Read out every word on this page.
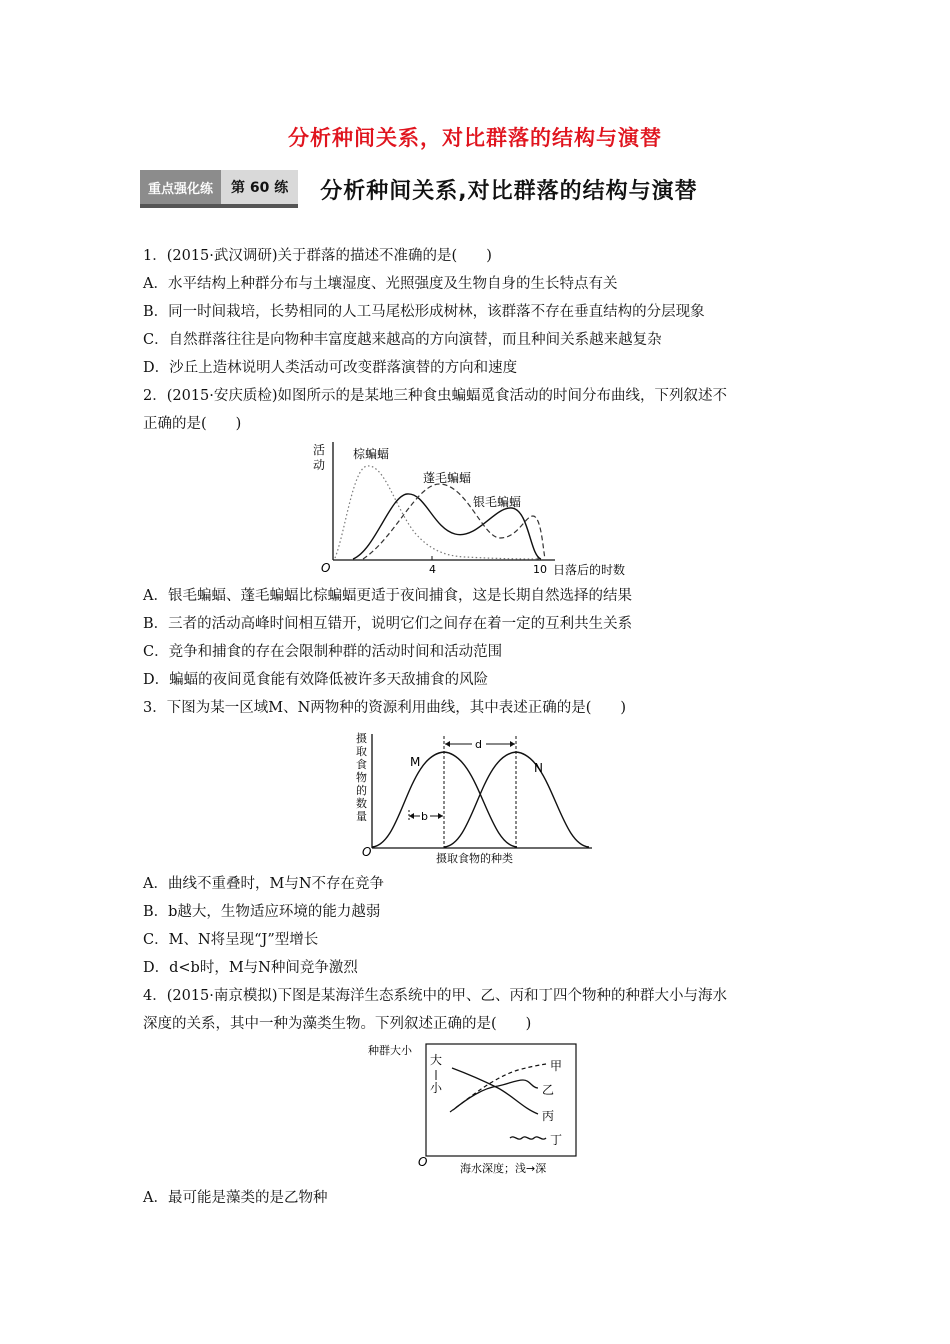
分析种间关系，对比群落的结构与演替
重点强化练	第 60 练	分析种间关系,对比群落的结构与演替
1．(2015·武汉调研)关于群落的描述不准确的是(　　)
A．水平结构上种群分布与土壤湿度、光照强度及生物自身的生长特点有关
B．同一时间栽培，长势相同的人工马尾松形成树林，该群落不存在垂直结构的分层现象
C．自然群落往往是向物种丰富度越来越高的方向演替，而且种间关系越来越复杂
D．沙丘上造林说明人类活动可改变群落演替的方向和速度
2．(2015·安庆质检)如图所示的是某地三种食虫蝙蝠觅食活动的时间分布曲线，下列叙述不
正确的是(　　)
活
动
O	4	10 日落后的时数
棕蝙蝠
蓬毛蝙蝠
银毛蝙蝠
A．银毛蝙蝠、蓬毛蝙蝠比棕蝙蝠更适于夜间捕食，这是长期自然选择的结果
B．三者的活动高峰时间相互错开，说明它们之间存在着一定的互利共生关系
C．竞争和捕食的存在会限制种群的活动时间和活动范围
D．蝙蝠的夜间觅食能有效降低被许多天敌捕食的风险
3．下图为某一区域M、N两物种的资源利用曲线，其中表述正确的是(　　)
摄
取
食
物
的
数
量
O	摄取食物的种类
d
b
M	N
A．曲线不重叠时，M与N不存在竞争
B．b越大，生物适应环境的能力越弱
C．M、N将呈现“J”型增长
D．d<b时，M与N种间竞争激烈
4．(2015·南京模拟)下图是某海洋生态系统中的甲、乙、丙和丁四个物种的种群大小与海水
深度的关系，其中一种为藻类生物。下列叙述正确的是(　　)
种群大小
大
小
O	海水深度；浅→深
甲
乙
丙
丁
A．最可能是藻类的是乙物种
